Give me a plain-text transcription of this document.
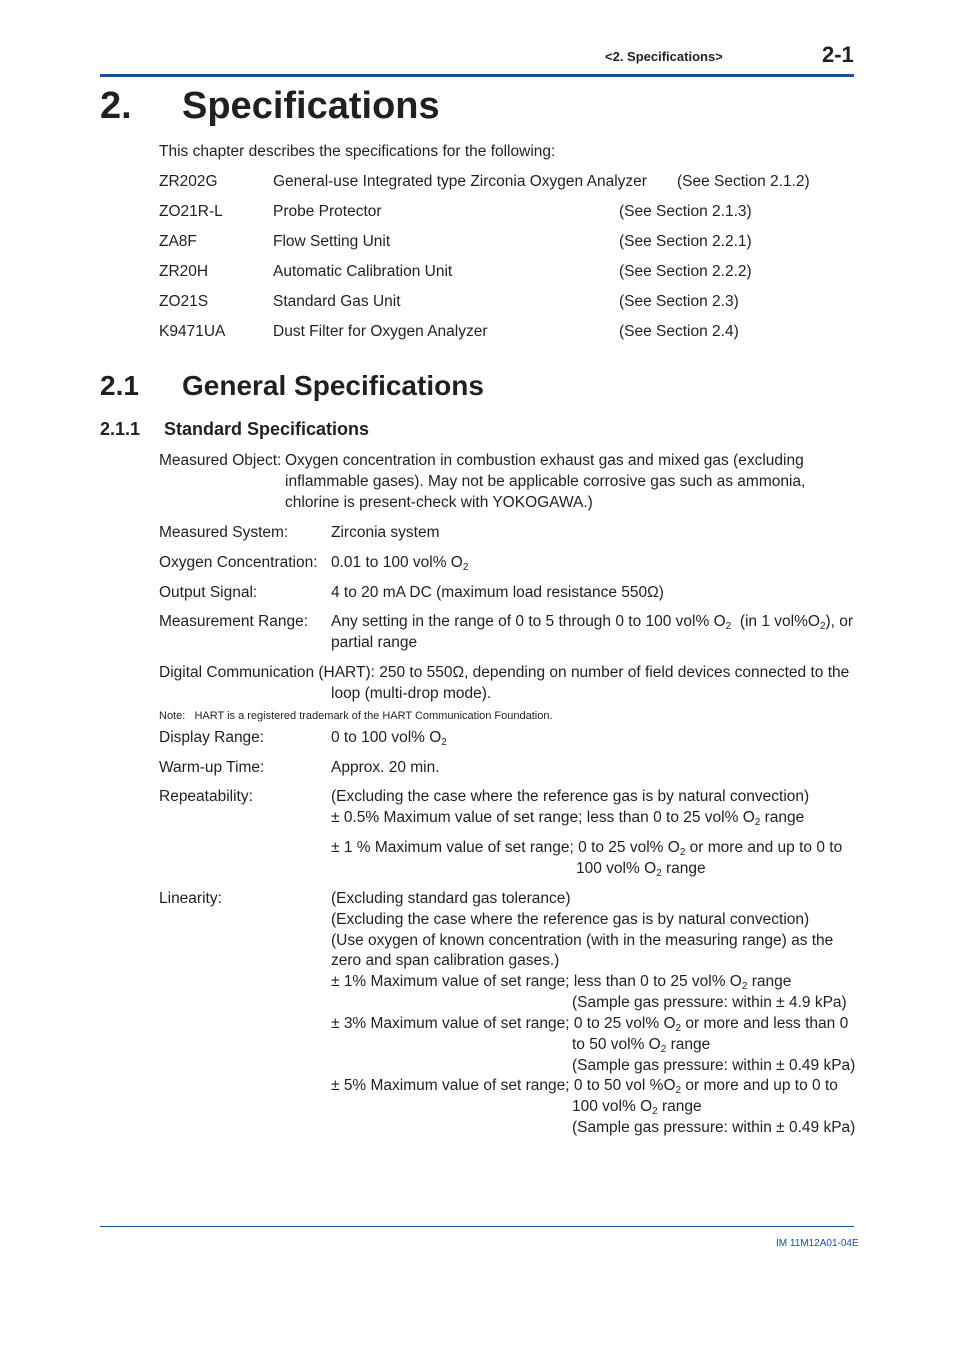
<2. Specifications>	2-1
2. Specifications
This chapter describes the specifications for the following:
ZR202G	General-use Integrated type Zirconia Oxygen Analyzer (See Section 2.1.2)
ZO21R-L	Probe Protector	(See Section 2.1.3)
ZA8F	Flow Setting Unit	(See Section 2.2.1)
ZR20H	Automatic Calibration Unit	(See Section 2.2.2)
ZO21S	Standard Gas Unit	(See Section 2.3)
K9471UA	Dust Filter for Oxygen Analyzer	(See Section 2.4)
2.1 General Specifications
2.1.1 Standard Specifications
Measured Object: Oxygen concentration in combustion exhaust gas and mixed gas (excluding
inflammable gases). May not be applicable corrosive gas such as ammonia,
chlorine is present-check with YOKOGAWA.)
Measured System:	Zirconia system
Oxygen Concentration: 0.01 to 100 vol% $O_2$
Output Signal:	4 to 20 mA DC (maximum load resistance 550Ω)
Measurement Range: Any setting in the range of 0 to 5 through 0 to 100 vol% $O_2$  (in 1 $vol\%O_2$), or
partial range
Digital Communication (HART): 250 to 550Ω, depending on number of field devices connected to the
loop (multi-drop mode).
Note:   HART is a registered trademark of the HART Communication Foundation.
Display Range:	0 to 100 vol% $O_2$
Warm-up Time:	Approx. 20 min.
Repeatability:	(Excluding the case where the reference gas is by natural convection)
± 0.5% Maximum value of set range; less than 0 to 25 vol% $O_2$ range
± 1 % Maximum value of set range; 0 to 25 vol% $O_2$ or more and up to 0 to
100 vol% $O_2$ range
Linearity:	(Excluding standard gas tolerance)
(Excluding the case where the reference gas is by natural convection)
(Use oxygen of known concentration (with in the measuring range) as the
zero and span calibration gases.)
± 1% Maximum value of set range; less than 0 to 25 vol% $O_2$ range
(Sample gas pressure: within ± 4.9 kPa)
± 3% Maximum value of set range; 0 to 25 vol% $O_2$ or more and less than 0
to 50 vol% $O_2$ range
(Sample gas pressure: within ± 0.49 kPa)
± 5% Maximum value of set range; 0 to 50 vol $\%O_2$ or more and up to 0 to
100 vol% $O_2$ range
(Sample gas pressure: within ± 0.49 kPa)
IM 11M12A01-04E
